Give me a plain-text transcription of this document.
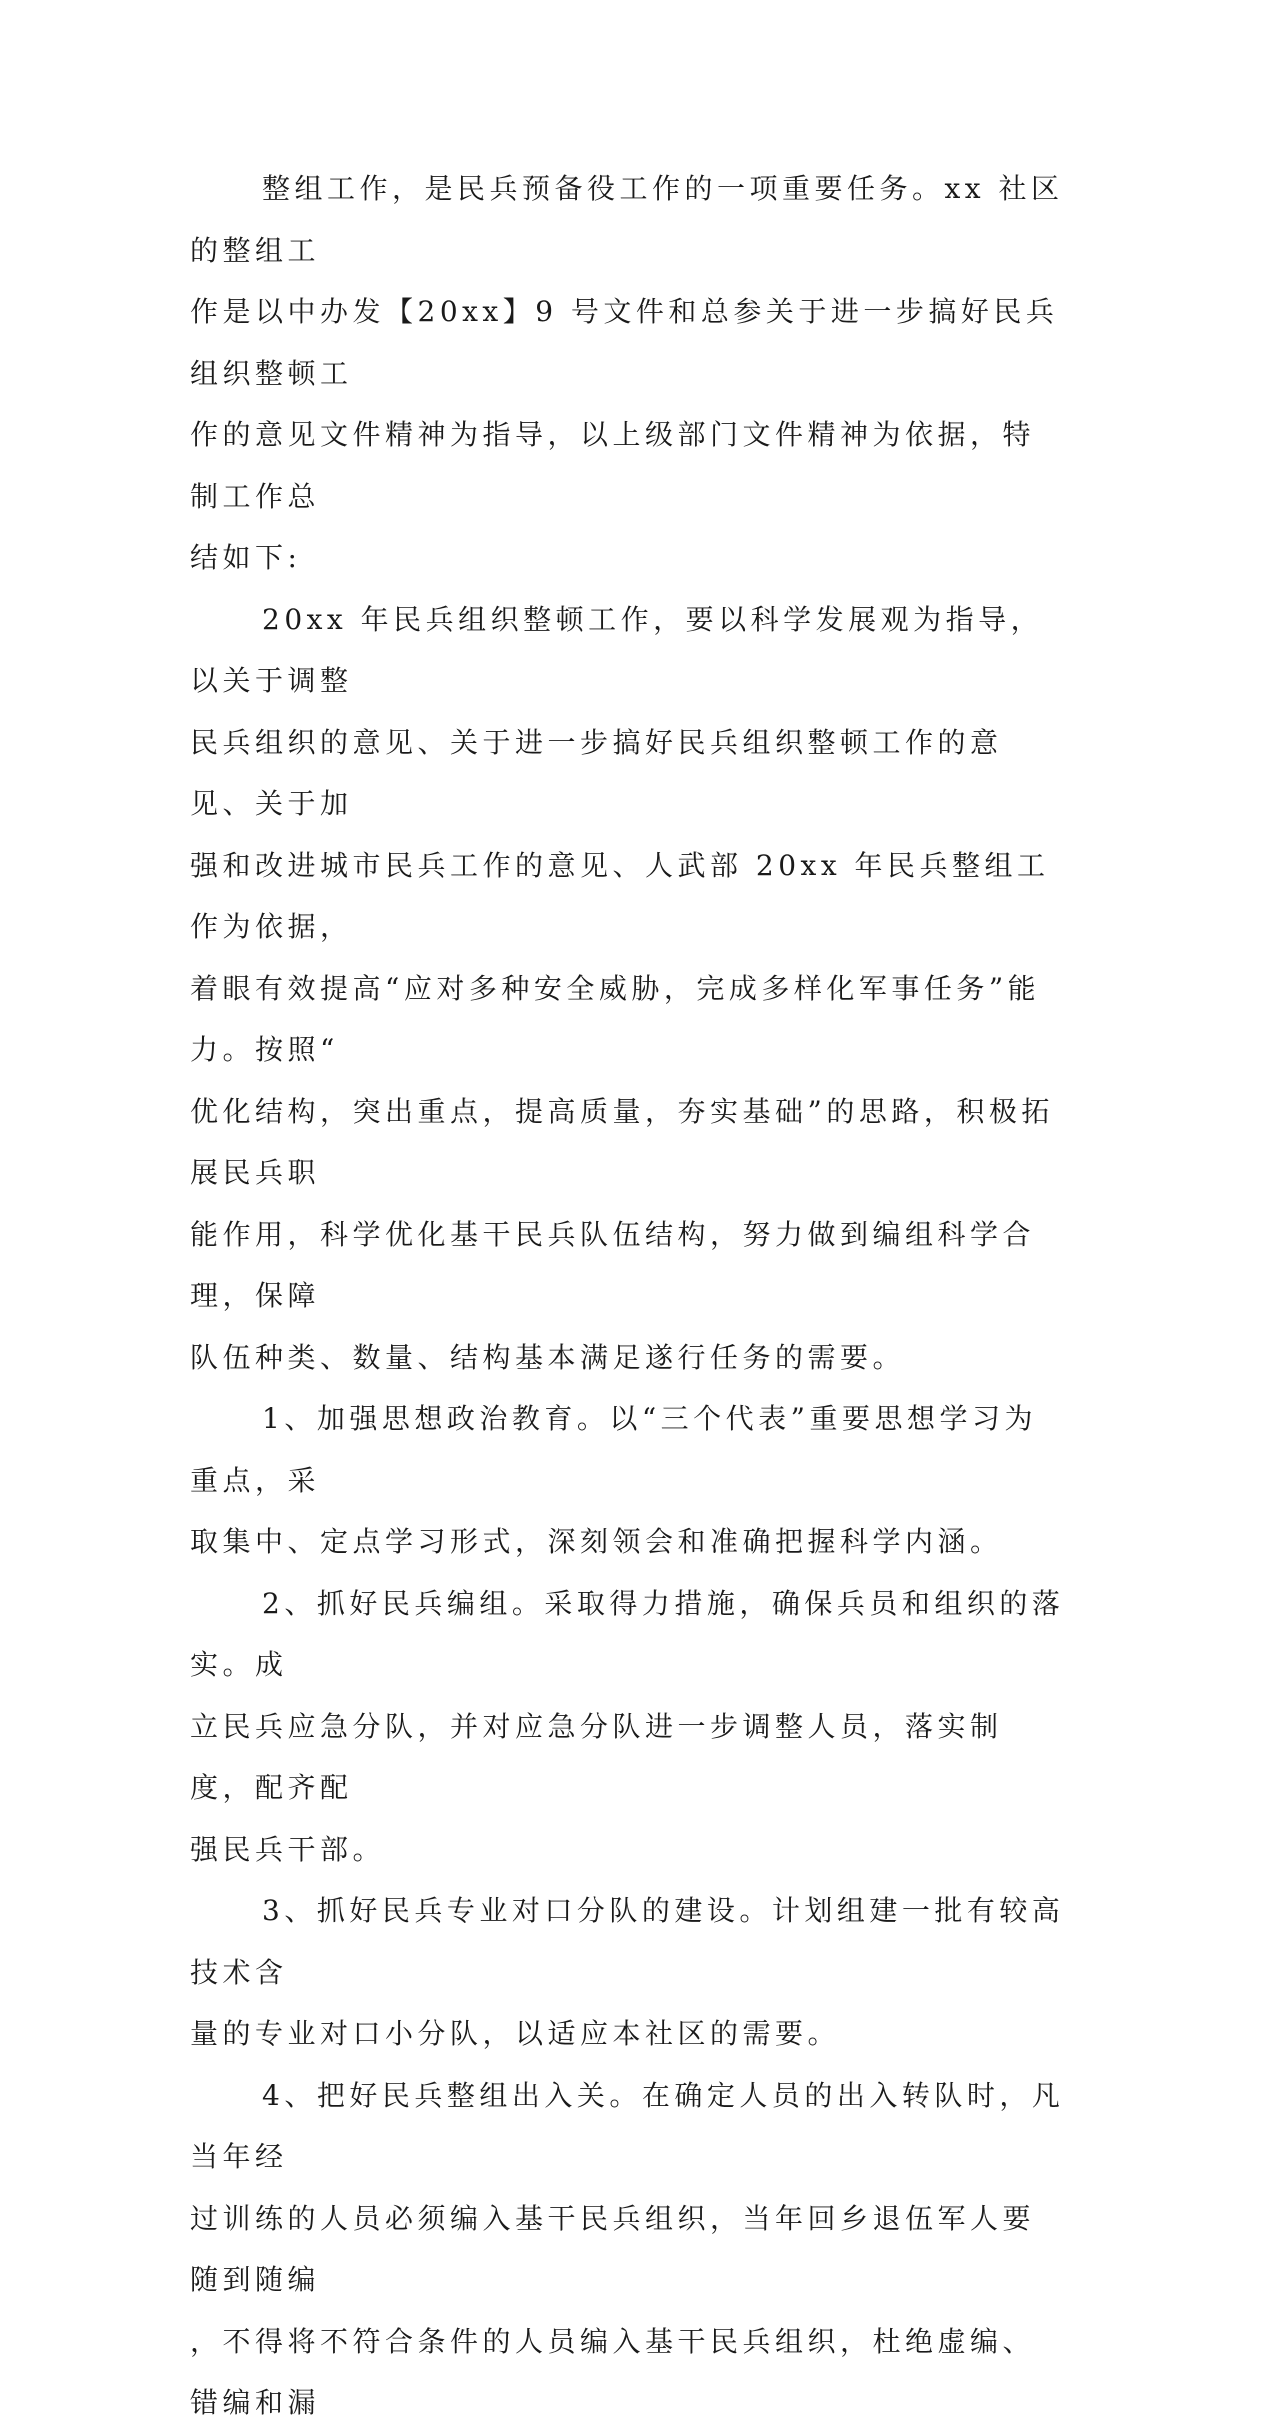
整组工作，是民兵预备役工作的一项重要任务。xx 社区的整组工
作是以中办发【20xx】9 号文件和总参关于进一步搞好民兵组织整顿工
作的意见文件精神为指导，以上级部门文件精神为依据，特制工作总
结如下:

20xx 年民兵组织整顿工作，要以科学发展观为指导，以关于调整
民兵组织的意见、关于进一步搞好民兵组织整顿工作的意见、关于加
强和改进城市民兵工作的意见、人武部 20xx 年民兵整组工作为依据，
着眼有效提高“应对多种安全威胁，完成多样化军事任务”能力。按照“
优化结构，突出重点，提高质量，夯实基础”的思路，积极拓展民兵职
能作用，科学优化基干民兵队伍结构，努力做到编组科学合理，保障
队伍种类、数量、结构基本满足遂行任务的需要。

1、加强思想政治教育。以“三个代表”重要思想学习为重点，采
取集中、定点学习形式，深刻领会和准确把握科学内涵。

2、抓好民兵编组。采取得力措施，确保兵员和组织的落实。成
立民兵应急分队，并对应急分队进一步调整人员，落实制度，配齐配
强民兵干部。

3、抓好民兵专业对口分队的建设。计划组建一批有较高技术含
量的专业对口小分队，以适应本社区的需要。

4、把好民兵整组出入关。在确定人员的出入转队时，凡当年经
过训练的人员必须编入基干民兵组织，当年回乡退伍军人要随到随编
，不得将不符合条件的人员编入基干民兵组织，杜绝虚编、错编和漏
